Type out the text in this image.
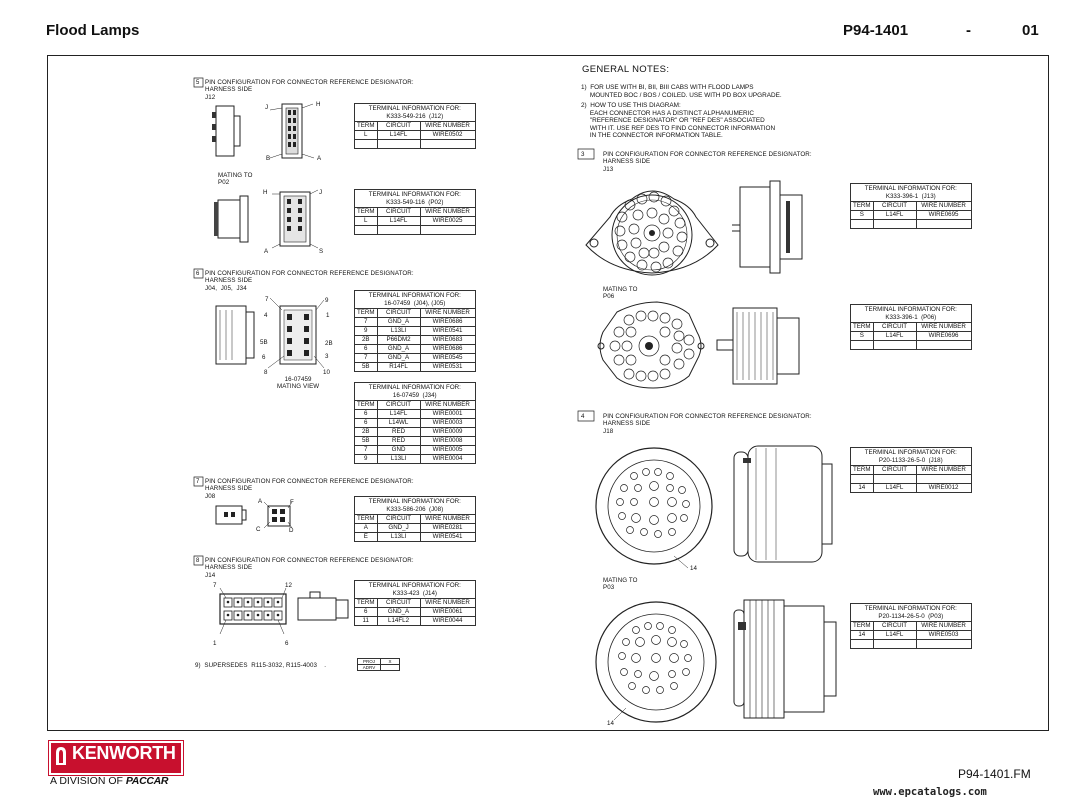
Flood Lamps	P94-1401	-	01
5 PIN CONFIGURATION FOR CONNECTOR REFERENCE DESIGNATOR:
HARNESS SIDE
J12
J	H
B	A
MATING TO
P02
H	J
A	S
6 PIN CONFIGURATION FOR CONNECTOR REFERENCE DESIGNATOR:
HARNESS SIDE
J04,  J05,  J34
7	9
4	1
5B	2B
6	3
8	10
16-07459
MATING VIEW
7 PIN CONFIGURATION FOR CONNECTOR REFERENCE DESIGNATOR:
HARNESS SIDE
J08
A	F
C	D
8 PIN CONFIGURATION FOR CONNECTOR REFERENCE DESIGNATOR:
HARNESS SIDE
J14
7	12
1	6
9)  SUPERSEDES  R115-3032, R115-4003    .
PROJ	X
ADRV	
GENERAL NOTES:
1)  FOR USE WITH BI, BII, BIII CABS WITH FLOOD LAMPS
MOUNTED BOC / BOS / COILED. USE WITH PD BOX UPGRADE.
2)  HOW TO USE THIS DIAGRAM:
EACH CONNECTOR HAS A DISTINCT ALPHANUMERIC
"REFERENCE DESIGNATOR" OR "REF DES" ASSOCIATED
WITH IT. USE REF DES TO FIND CONNECTOR INFORMATION
IN THE CONNECTOR INFORMATION TABLE.
3	PIN CONFIGURATION FOR CONNECTOR REFERENCE DESIGNATOR:
HARNESS SIDE
J13
MATING TO
P06
4	PIN CONFIGURATION FOR CONNECTOR REFERENCE DESIGNATOR:
HARNESS SIDE
J18
14
MATING TO
P03
14
TERMINAL INFORMATION FOR:
K333-549-216  (J12)		
TERM	CIRCUIT	WIRE NUMBER
L	L14FL	WIRE0502

TERMINAL INFORMATION FOR:
K333-549-116  (P02)		
TERM	CIRCUIT	WIRE NUMBER
L	L14FL	WIRE0025

TERMINAL INFORMATION FOR:
16-07459  (J04), (J05)		
TERM	CIRCUIT	WIRE NUMBER
7	GND_A	WIRE0686
9	L13LI	WIRE0541
2B	P66DM2	WIRE0683
6	GND_A	WIRE0686
7	GND_A	WIRE0545
5B	R14FL	WIRE0531
TERMINAL INFORMATION FOR:
16-07459  (J34)		
TERM	CIRCUIT	WIRE NUMBER
6	L14FL	WIRE0001
6	L14WL	WIRE0003
2B	RED	WIRE0009
5B	RED	WIRE0008
7	GND	WIRE0005
9	L13LI	WIRE0004
TERMINAL INFORMATION FOR:
K333-586-206  (J08)		
TERM	CIRCUIT	WIRE NUMBER
A	GND_J	WIRE0281
E	L13LI	WIRE0541
TERMINAL INFORMATION FOR:
K333-423  (J14)		
TERM	CIRCUIT	WIRE NUMBER
6	GND_A	WIRE0061
11	L14FL2	WIRE0044
TERMINAL INFORMATION FOR:
K333-396-1  (J13)		
TERM	CIRCUIT	WIRE NUMBER
S	L14FL	WIRE0695

TERMINAL INFORMATION FOR:
K333-396-1  (P06)		
TERM	CIRCUIT	WIRE NUMBER
S	L14FL	WIRE0696

TERMINAL INFORMATION FOR:
P20-1133-26-5-0  (J18)		
TERM	CIRCUIT	WIRE NUMBER

14	L14FL	WIRE0012
TERMINAL INFORMATION FOR:
P20-1134-26-5-0  (P03)		
TERM	CIRCUIT	WIRE NUMBER
14	L14FL	WIRE0503

KENWORTH
A DIVISION OF PACCAR	P94-1401.FM
www.epcatalogs.com
